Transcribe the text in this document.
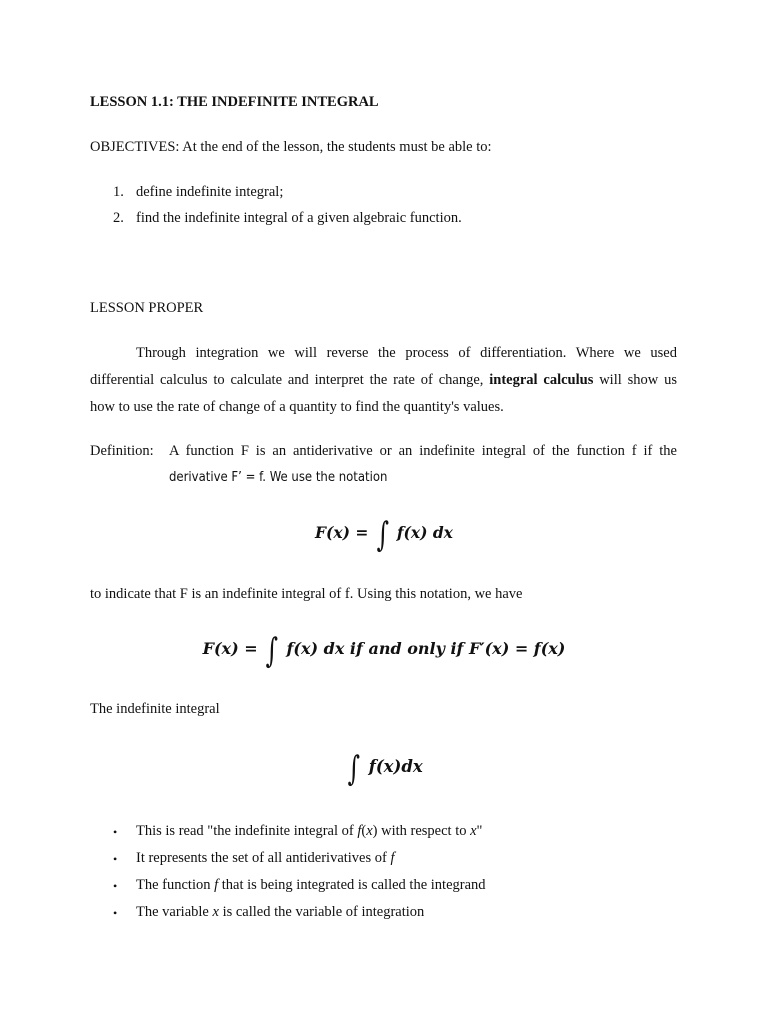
LESSON 1.1: THE INDEFINITE INTEGRAL
OBJECTIVES: At the end of the lesson, the students must be able to:
1. define indefinite integral;
2. find the indefinite integral of a given algebraic function.
LESSON PROPER
Through integration we will reverse the process of differentiation. Where we used
differential calculus to calculate and interpret the rate of change, integral calculus will show us
how to use the rate of change of a quantity to find the quantity's values.
Definition: A function F is an antiderivative or an indefinite integral of the function f if the
derivative F’ = f. We use the notation
F(x) = ∫ f(x) dx
to indicate that F is an indefinite integral of f. Using this notation, we have
F(x) = ∫ f(x) dx if and only if F′(x) = f(x)
The indefinite integral
∫ f(x)dx
• This is read "the indefinite integral of f(x) with respect to x"
• It represents the set of all antiderivatives of f
• The function f that is being integrated is called the integrand
• The variable x is called the variable of integration
